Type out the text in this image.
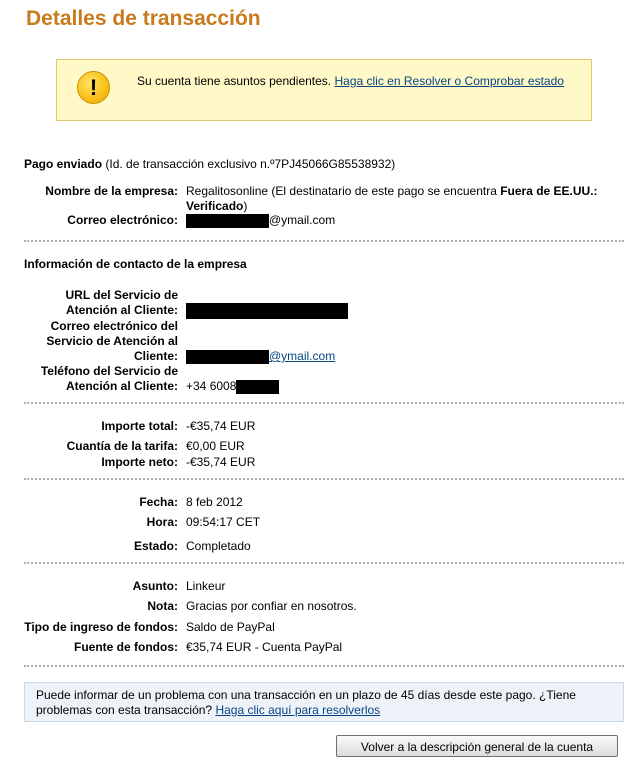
Detalles de transacción
!	Su cuenta tiene asuntos pendientes. Haga clic en Resolver o Comprobar estado
Pago enviado (Id. de transacción exclusivo n.º7PJ45066G85538932)
Nombre de la empresa: Regalitosonline (El destinatario de este pago se encuentra Fuera de EE.UU.:
Verificado)
Correo electrónico:	@ymail.com
Información de contacto de la empresa
URL del Servicio de
Atención al Cliente:
Correo electrónico del
Servicio de Atención al
Cliente:	@ymail.com
Teléfono del Servicio de
Atención al Cliente: +34 6008
Importe total: -€35,74 EUR
Cuantía de la tarifa: €0,00 EUR
Importe neto: -€35,74 EUR
Fecha: 8 feb 2012
Hora: 09:54:17 CET
Estado: Completado
Asunto: Linkeur
Nota: Gracias por confiar en nosotros.
Tipo de ingreso de fondos: Saldo de PayPal
Fuente de fondos: €35,74 EUR - Cuenta PayPal
Puede informar de un problema con una transacción en un plazo de 45 días desde este pago. ¿Tiene problemas con esta transacción? Haga clic aquí para resolverlos
Volver a la descripción general de la cuenta
